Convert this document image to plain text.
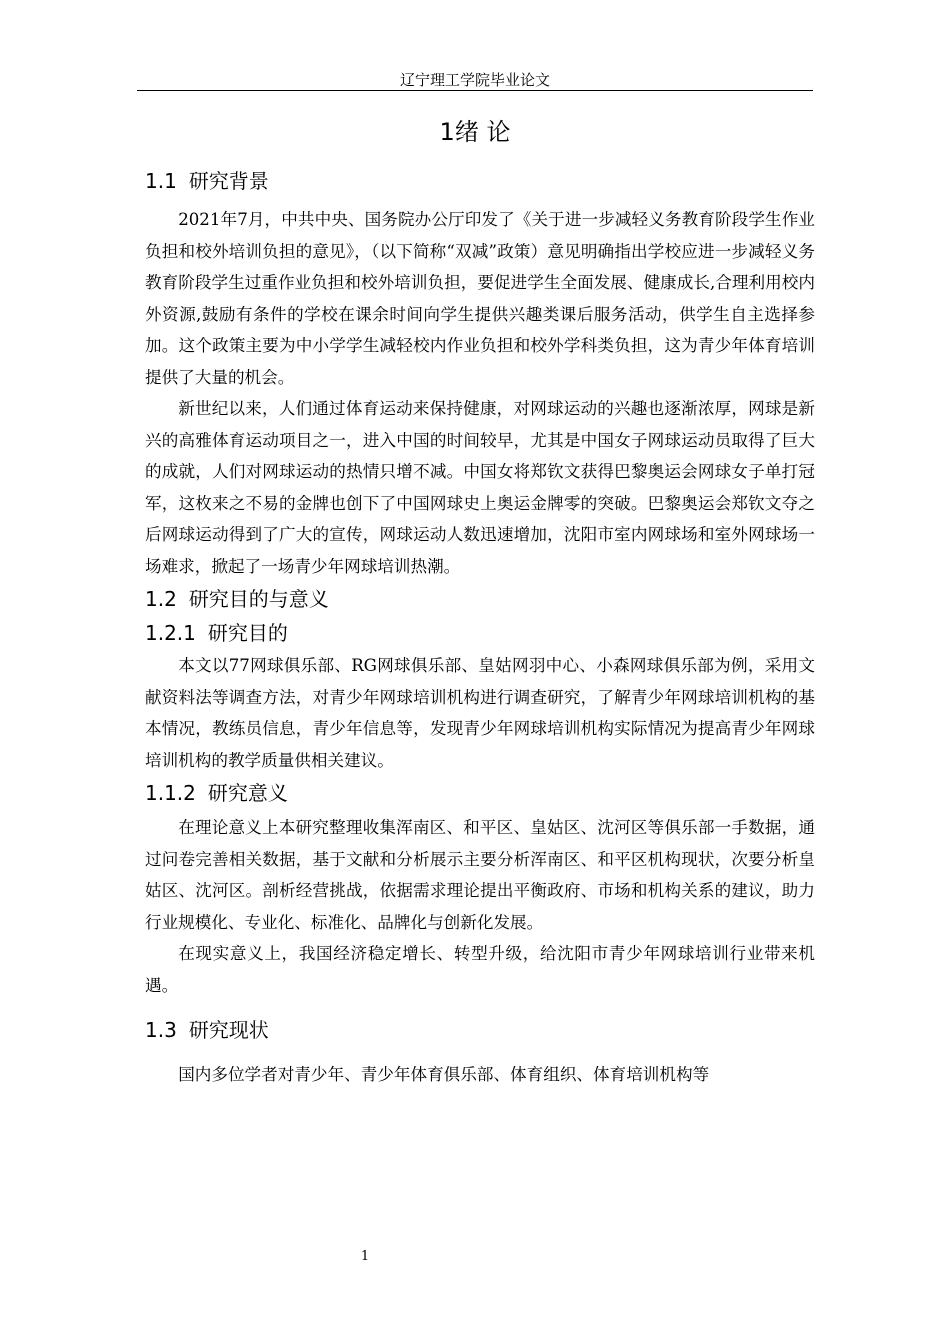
辽宁理工学院毕业论文
1绪 论
1.1 研究背景

2021年7月，中共中央、国务院办公厅印发了《关于进一步减轻义务教育阶段学生作业负担和校外培训负担的意见》，（以下简称“双减”政策）意见明确指出学校应进一步减轻义务教育阶段学生过重作业负担和校外培训负担，要促进学生全面发展、健康成长,合理利用校内外资源,鼓励有条件的学校在课余时间向学生提供兴趣类课后服务活动，供学生自主选择参加。这个政策主要为中小学学生减轻校内作业负担和校外学科类负担，这为青少年体育培训提供了大量的机会。

新世纪以来，人们通过体育运动来保持健康，对网球运动的兴趣也逐渐浓厚，网球是新兴的高雅体育运动项目之一，进入中国的时间较早，尤其是中国女子网球运动员取得了巨大的成就，人们对网球运动的热情只增不减。中国女将郑钦文获得巴黎奥运会网球女子单打冠军，这枚来之不易的金牌也创下了中国网球史上奥运金牌零的突破。巴黎奥运会郑钦文夺之后网球运动得到了广大的宣传，网球运动人数迅速增加，沈阳市室内网球场和室外网球场一场难求，掀起了一场青少年网球培训热潮。

1.2 研究目的与意义
1.2.1 研究目的

本文以77网球俱乐部、RG网球俱乐部、皇姑网羽中心、小森网球俱乐部为例，采用文献资料法等调查方法，对青少年网球培训机构进行调查研究，了解青少年网球培训机构的基本情况，教练员信息，青少年信息等，发现青少年网球培训机构实际情况为提高青少年网球培训机构的教学质量供相关建议。

1.1.2 研究意义

在理论意义上本研究整理收集浑南区、和平区、皇姑区、沈河区等俱乐部一手数据，通过问卷完善相关数据，基于文献和分析展示主要分析浑南区、和平区机构现状，次要分析皇姑区、沈河区。剖析经营挑战，依据需求理论提出平衡政府、市场和机构关系的建议，助力行业规模化、专业化、标准化、品牌化与创新化发展。

在现实意义上，我国经济稳定增长、转型升级，给沈阳市青少年网球培训行业带来机遇。

1.3 研究现状

国内多位学者对青少年、青少年体育俱乐部、体育组织、体育培训机构等

1
